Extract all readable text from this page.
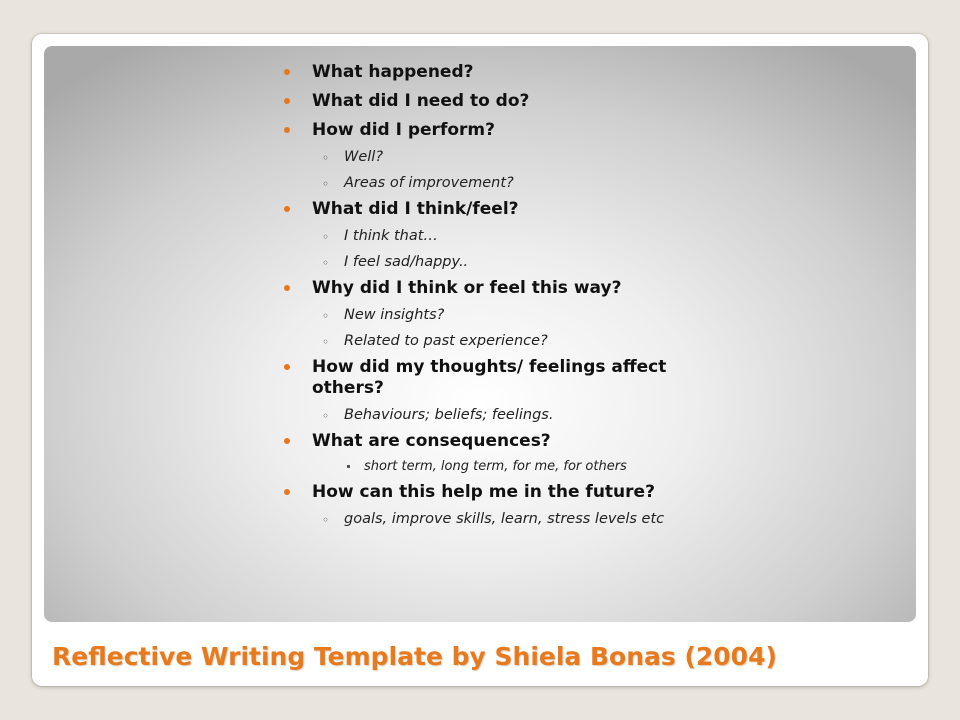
What happened?
What did I need to do?
How did I perform?
◦ Well?
◦ Areas of improvement?
What did I think/feel?
◦ I think that…
◦ I feel sad/happy..
Why did I think or feel this way?
◦ New insights?
◦ Related to past experience?
How did my thoughts/ feelings affect others?
◦ Behaviours; beliefs; feelings.
What are consequences?
short term, long term, for me, for others
How can this help me in the future?
◦ goals, improve skills, learn, stress levels etc
Reflective Writing Template by Shiela Bonas (2004)
